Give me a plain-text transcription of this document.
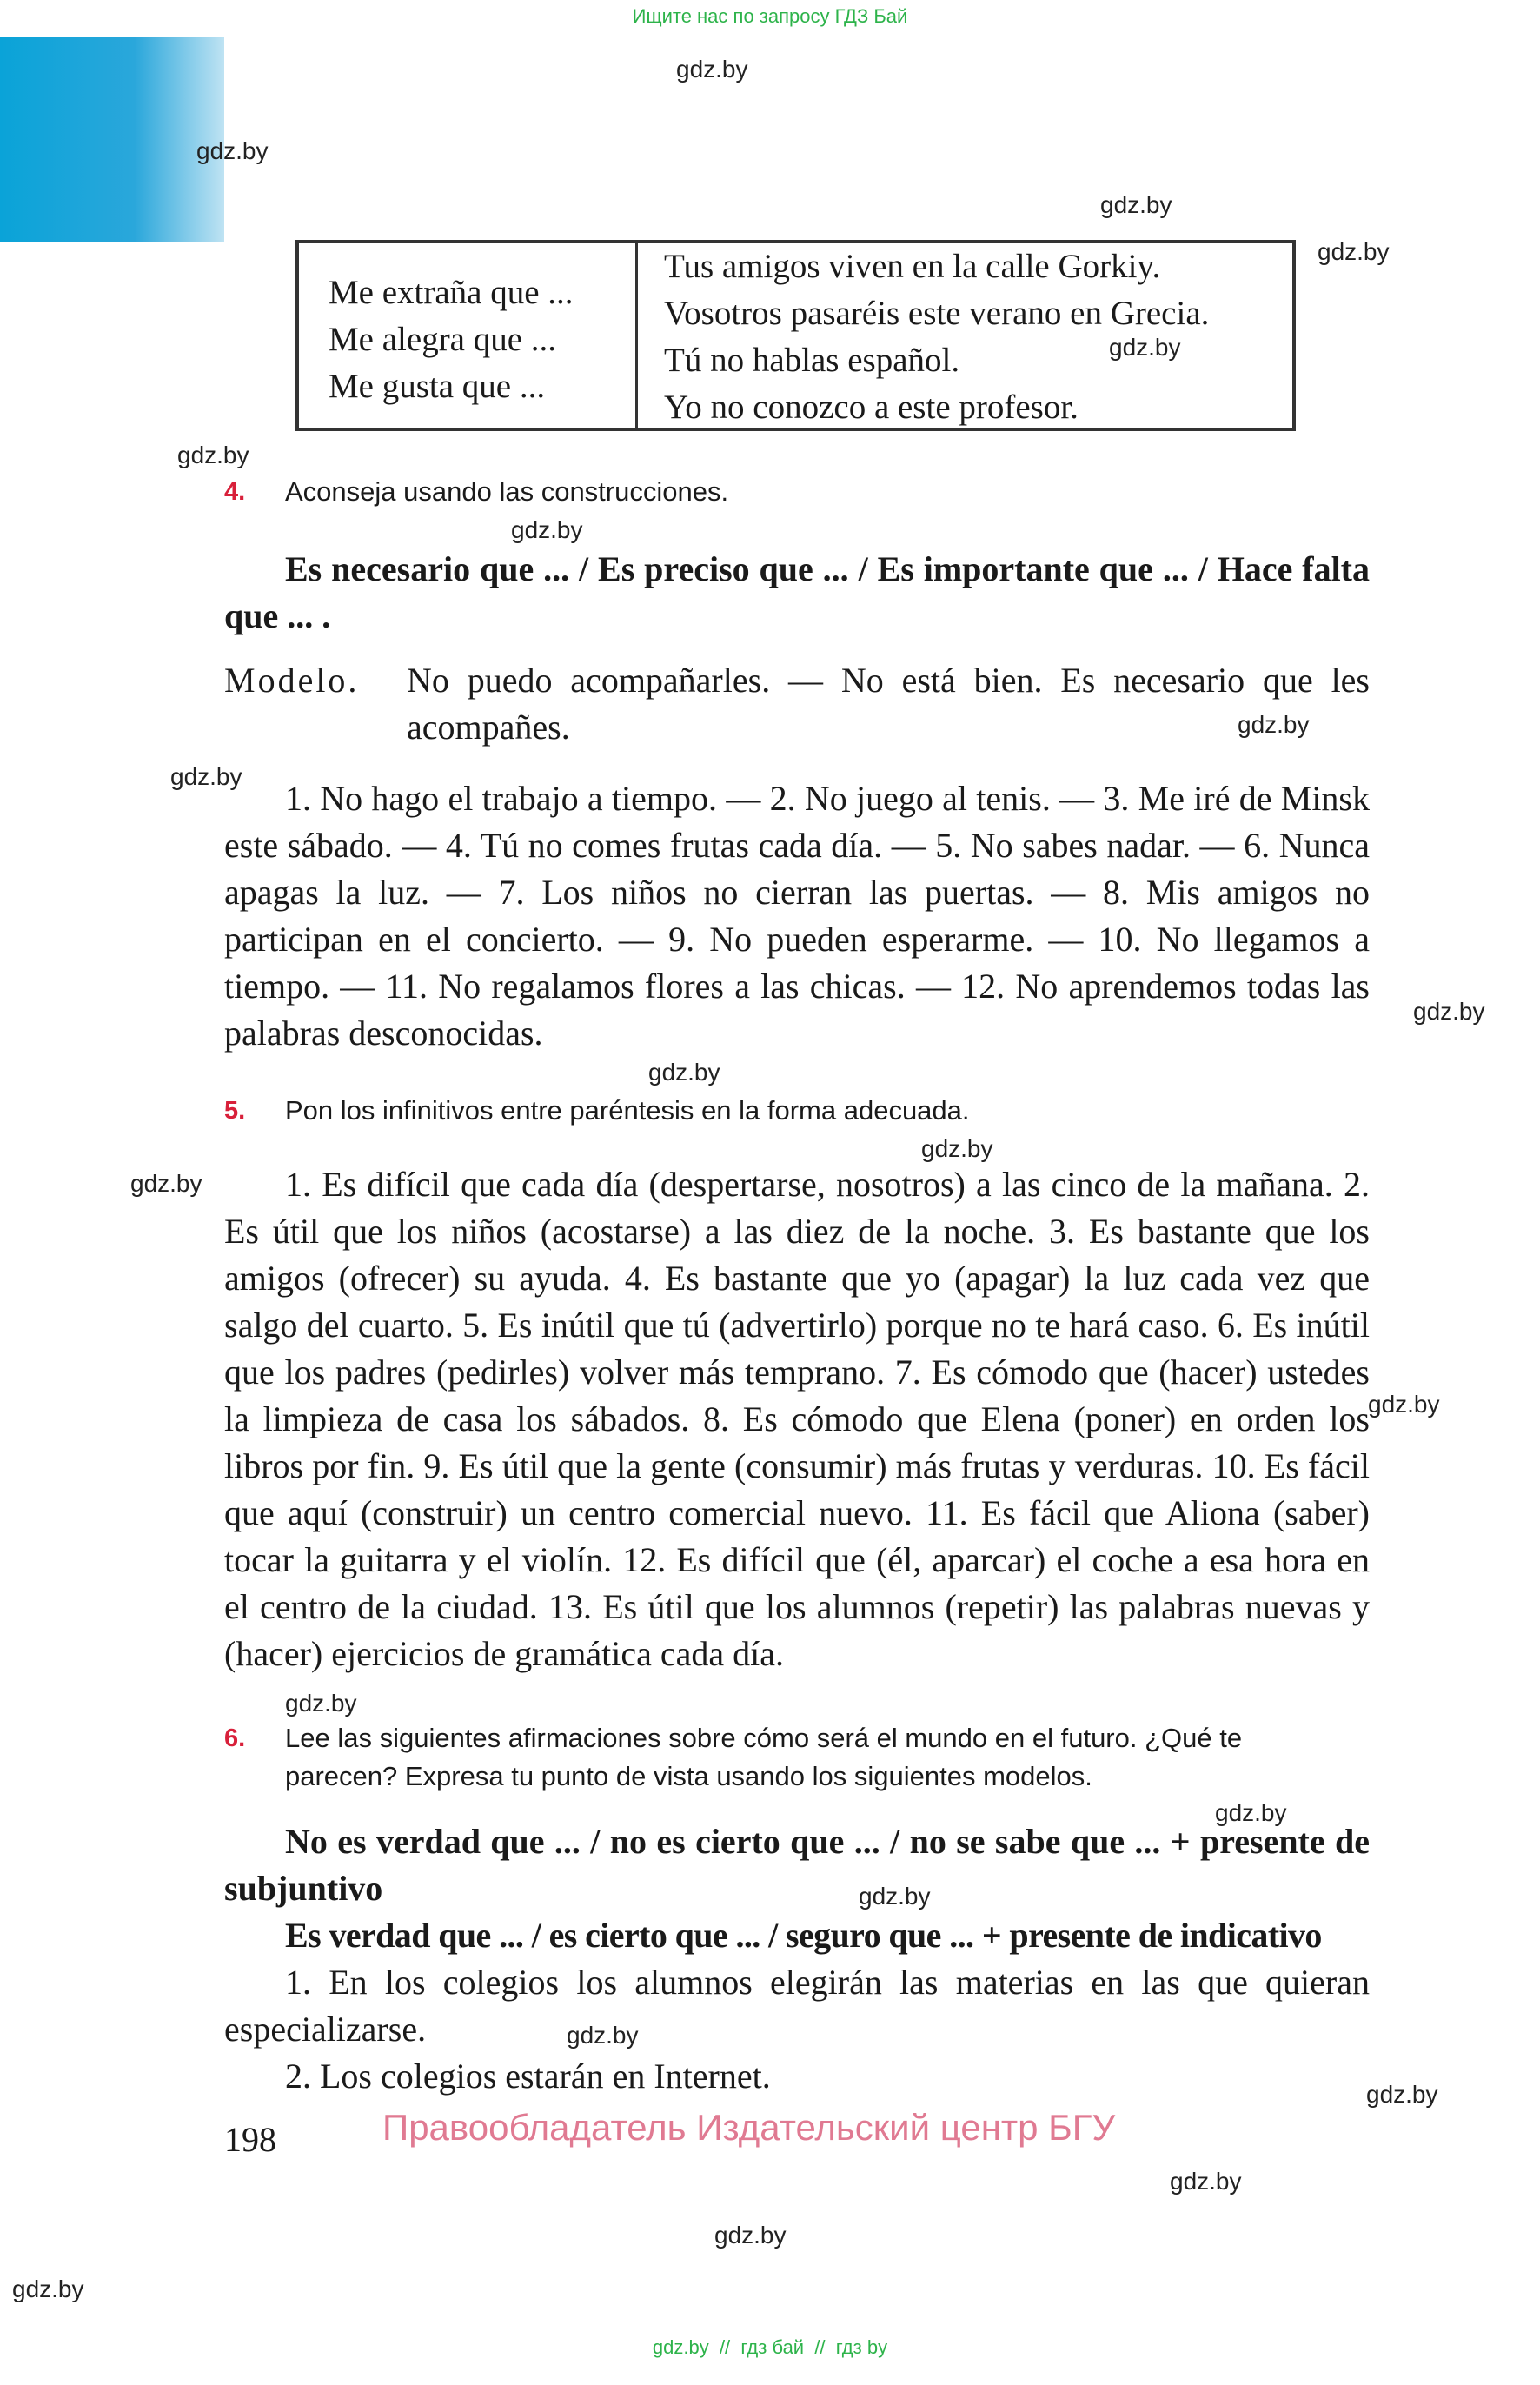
Ищите нас по запросу ГДЗ Бай
gdz.by
gdz.by
gdz.by
gdz.by
gdz.by
gdz.by
gdz.by
gdz.by
gdz.by
gdz.by
gdz.by
gdz.by
gdz.by
gdz.by
gdz.by
gdz.by
gdz.by
gdz.by
gdz.by
gdz.by
gdz.by
gdz.by
Me extraña que ...
Me alegra que ...
Me gusta que ...
Tus amigos viven en la calle Gorkiy.
Vosotros pasaréis este verano en Grecia.
Tú no hablas español.
Yo no conozco a este profesor.
4. Aconseja usando las construcciones.
Es necesario que ... / Es preciso que ... / Es importante que ... / Hace falta que ... .
Modelo. No puedo acompañarles. — No está bien. Es necesario que les acompañes.
1. No hago el trabajo a tiempo. — 2. No juego al tenis. — 3. Me iré de Minsk este sábado. — 4. Tú no comes frutas cada día. — 5. No sabes nadar. — 6. Nunca apagas la luz. — 7. Los niños no cierran las puertas. — 8. Mis amigos no participan en el concierto. — 9. No pueden esperarme. — 10. No llegamos a tiempo. — 11. No regalamos flores a las chicas. — 12. No aprendemos todas las palabras desconocidas.
5. Pon los infinitivos entre paréntesis en la forma adecuada.
1. Es difícil que cada día (despertarse, nosotros) a las cinco de la mañana. 2. Es útil que los niños (acostarse) a las diez de la noche. 3. Es bastante que los amigos (ofrecer) su ayuda. 4. Es bastante que yo (apagar) la luz cada vez que salgo del cuarto. 5. Es inútil que tú (advertirlo) porque no te hará caso. 6. Es inútil que los padres (pedirles) volver más temprano. 7. Es cómodo que (hacer) ustedes la limpieza de casa los sábados. 8. Es cómodo que Elena (poner) en orden los libros por fin. 9. Es útil que la gente (consumir) más frutas y verduras. 10. Es fácil que aquí (construir) un centro comercial nuevo. 11. Es fácil que Aliona (saber) tocar la guitarra y el violín. 12. Es difícil que (él, aparcar) el coche a esa hora en el centro de la ciudad. 13. Es útil que los alumnos (repetir) las palabras nuevas y (hacer) ejercicios de gramática cada día.
6. Lee las siguientes afirmaciones sobre cómo será el mundo en el futuro. ¿Qué te
parecen? Expresa tu punto de vista usando los siguientes modelos.
No es verdad que ... / no es cierto que ... / no se sabe que ... + presente de subjuntivo
Es verdad que ... / es cierto que ... / seguro que ... + presente de indicativo
1. En los colegios los alumnos elegirán las materias en las que quieran especializarse.
2. Los colegios estarán en Internet.
198	Правообладатель Издательский центр БГУ
gdz.by  //  гдз бай  //  гдз by
